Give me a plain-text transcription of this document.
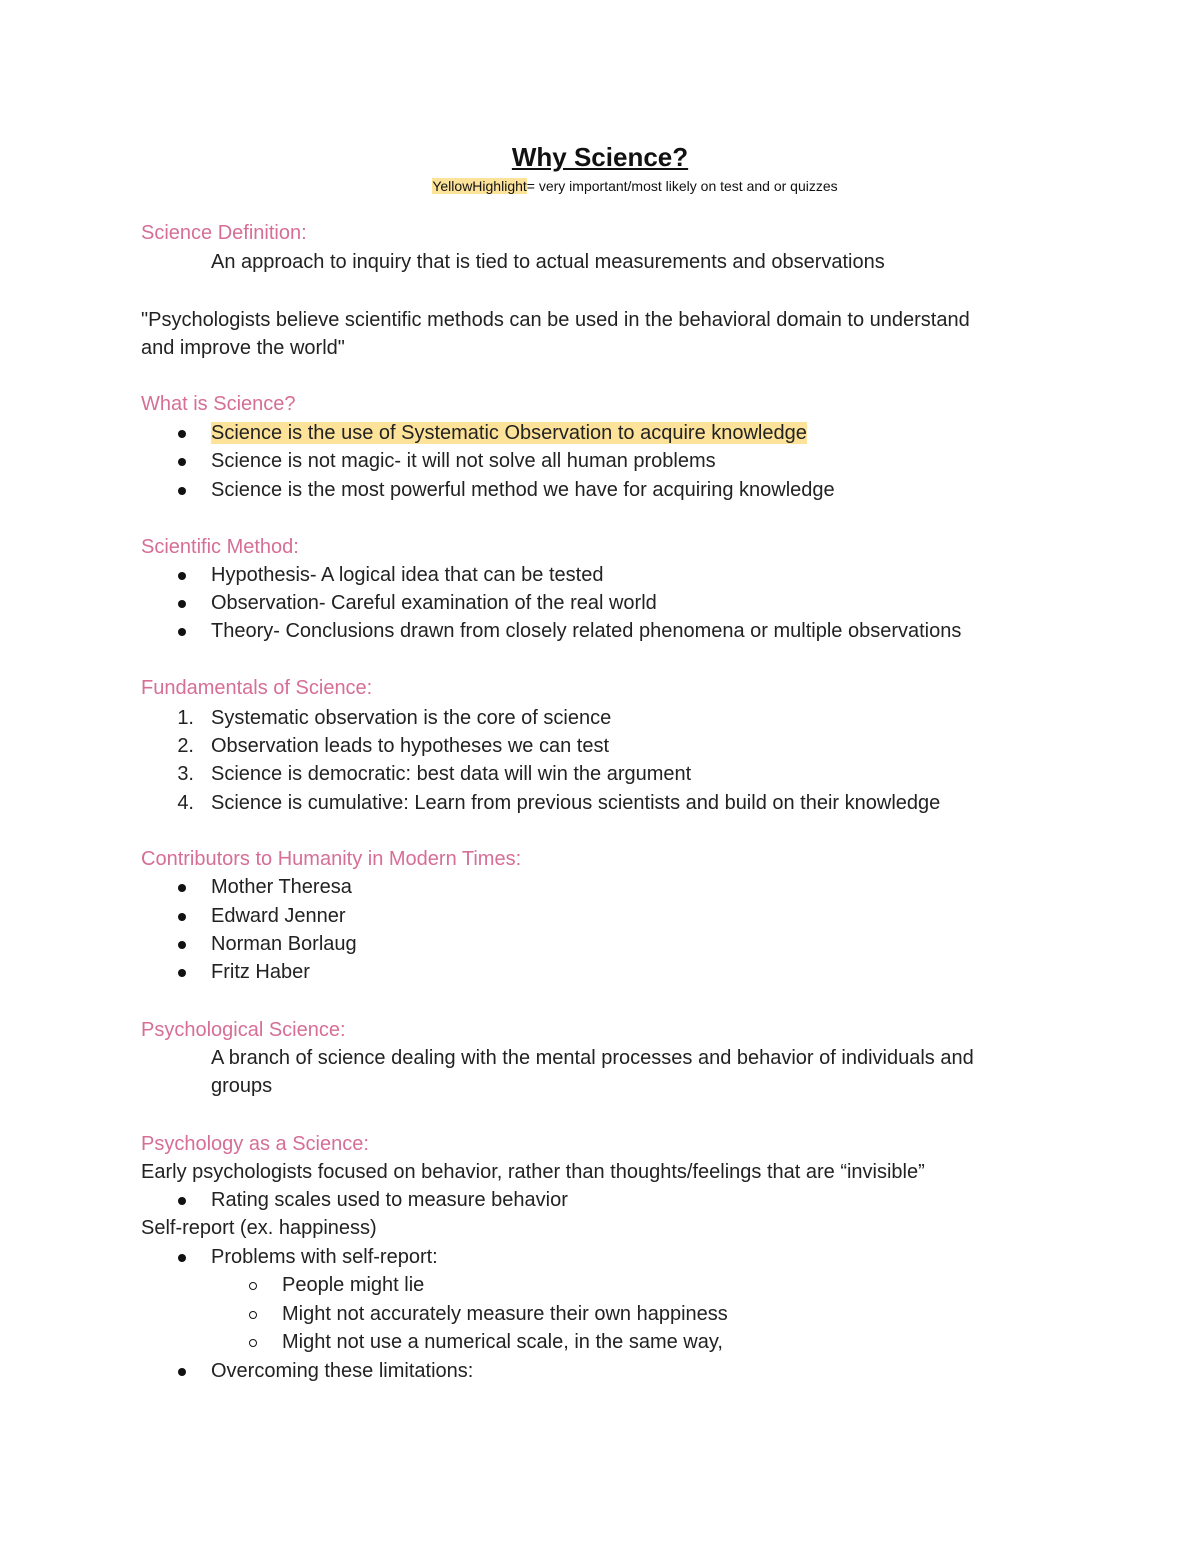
Why Science?
YellowHighlight= very important/most likely on test and or quizzes
Science Definition:
An approach to inquiry that is tied to actual measurements and observations
"Psychologists believe scientific methods can be used in the behavioral domain to understand
and improve the world"
What is Science?
Science is the use of Systematic Observation to acquire knowledge
Science is not magic- it will not solve all human problems
Science is the most powerful method we have for acquiring knowledge
Scientific Method:
Hypothesis- A logical idea that can be tested
Observation- Careful examination of the real world
Theory- Conclusions drawn from closely related phenomena or multiple observations
Fundamentals of Science:
1. Systematic observation is the core of science
2. Observation leads to hypotheses we can test
3. Science is democratic: best data will win the argument
4. Science is cumulative: Learn from previous scientists and build on their knowledge
Contributors to Humanity in Modern Times:
Mother Theresa
Edward Jenner
Norman Borlaug
Fritz Haber
Psychological Science:
A branch of science dealing with the mental processes and behavior of individuals and
groups
Psychology as a Science:
Early psychologists focused on behavior, rather than thoughts/feelings that are “invisible”
Rating scales used to measure behavior
Self-report (ex. happiness)
Problems with self-report:
People might lie
Might not accurately measure their own happiness
Might not use a numerical scale, in the same way,
Overcoming these limitations:
